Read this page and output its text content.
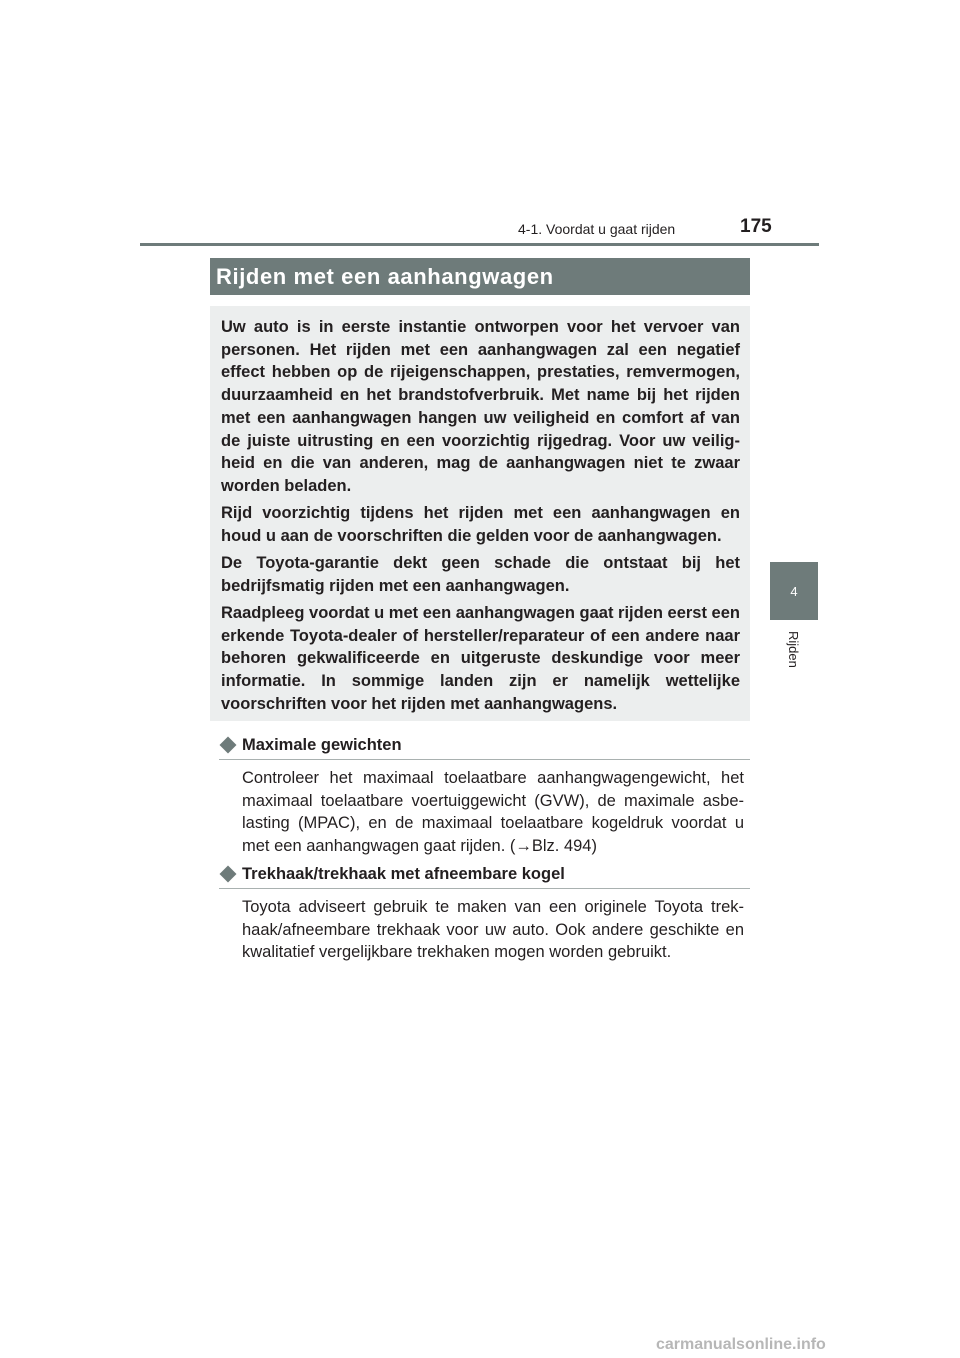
4-1. Voordat u gaat rijden	175
4
Rijden
Rijden met een aanhangwagen

Uw auto is in eerste instantie ontworpen voor het vervoer van personen. Het rijden met een aanhangwagen zal een negatief effect hebben op de rijeigenschappen, prestaties, remvermogen, duurzaamheid en het brandstofverbruik. Met name bij het rijden met een aanhangwagen hangen uw veiligheid en comfort af van de juiste uitrusting en een voorzichtig rijgedrag. Voor uw veilig-heid en die van anderen, mag de aanhangwagen niet te zwaar worden beladen.

Rijd voorzichtig tijdens het rijden met een aanhangwagen en houd u aan de voorschriften die gelden voor de aanhangwagen.

De Toyota-garantie dekt geen schade die ontstaat bij het bedrijfsmatig rijden met een aanhangwagen.

Raadpleeg voordat u met een aanhangwagen gaat rijden eerst een erkende Toyota-dealer of hersteller/reparateur of een andere naar behoren gekwalificeerde en uitgeruste deskundige voor meer informatie. In sommige landen zijn er namelijk wettelijke voorschriften voor het rijden met aanhangwagens.

Maximale gewichten
Controleer het maximaal toelaatbare aanhangwagengewicht, het maximaal toelaatbare voertuiggewicht (GVW), de maximale asbe-lasting (MPAC), en de maximaal toelaatbare kogeldruk voordat u met een aanhangwagen gaat rijden. (→Blz. 494)
Trekhaak/trekhaak met afneembare kogel
Toyota adviseert gebruik te maken van een originele Toyota trek-haak/afneembare trekhaak voor uw auto. Ook andere geschikte en kwalitatief vergelijkbare trekhaken mogen worden gebruikt.
carmanualsonline.info
